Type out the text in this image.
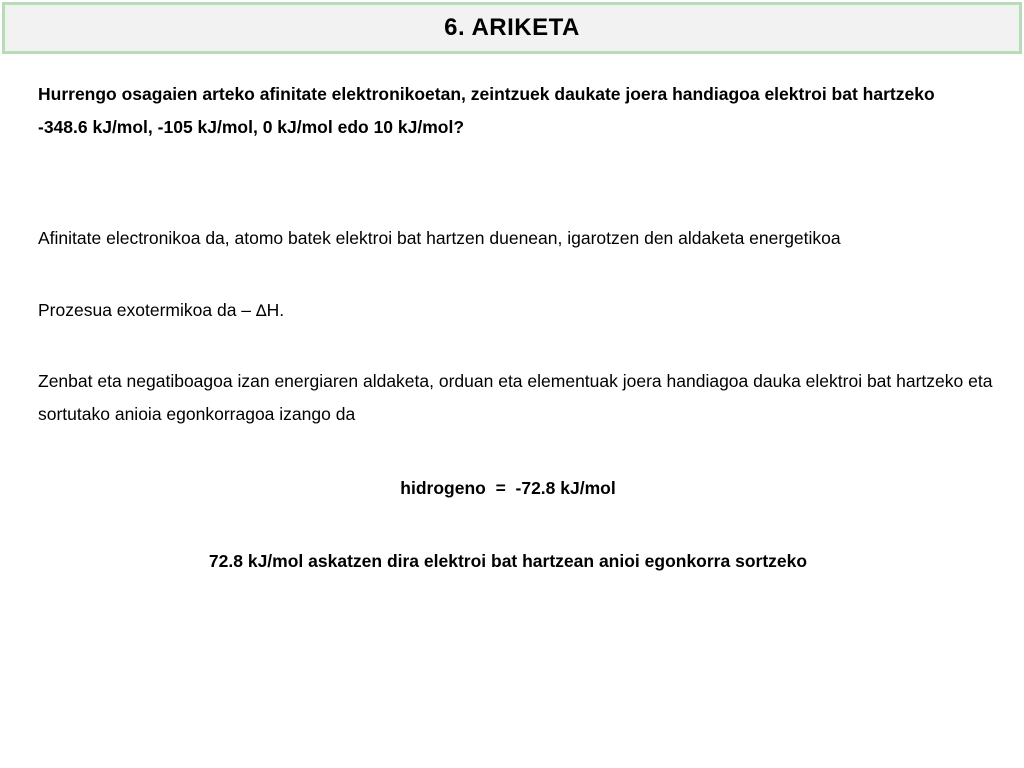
6. ARIKETA

Hurrengo osagaien arteko afinitate elektronikoetan, zeintzuek daukate joera handiagoa elektroi bat hartzeko -348.6 kJ/mol, -105 kJ/mol, 0 kJ/mol edo 10 kJ/mol?

Afinitate electronikoa da, atomo batek elektroi bat hartzen duenean, igarotzen den aldaketa energetikoa

Prozesua exotermikoa da – ∆H.

Zenbat eta negatiboagoa izan energiaren aldaketa, orduan eta elementuak joera handiagoa dauka elektroi bat hartzeko eta sortutako anioia egonkorragoa izango da

hidrogeno  =  -72.8 kJ/mol

72.8 kJ/mol askatzen dira elektroi bat hartzean anioi egonkorra sortzeko
